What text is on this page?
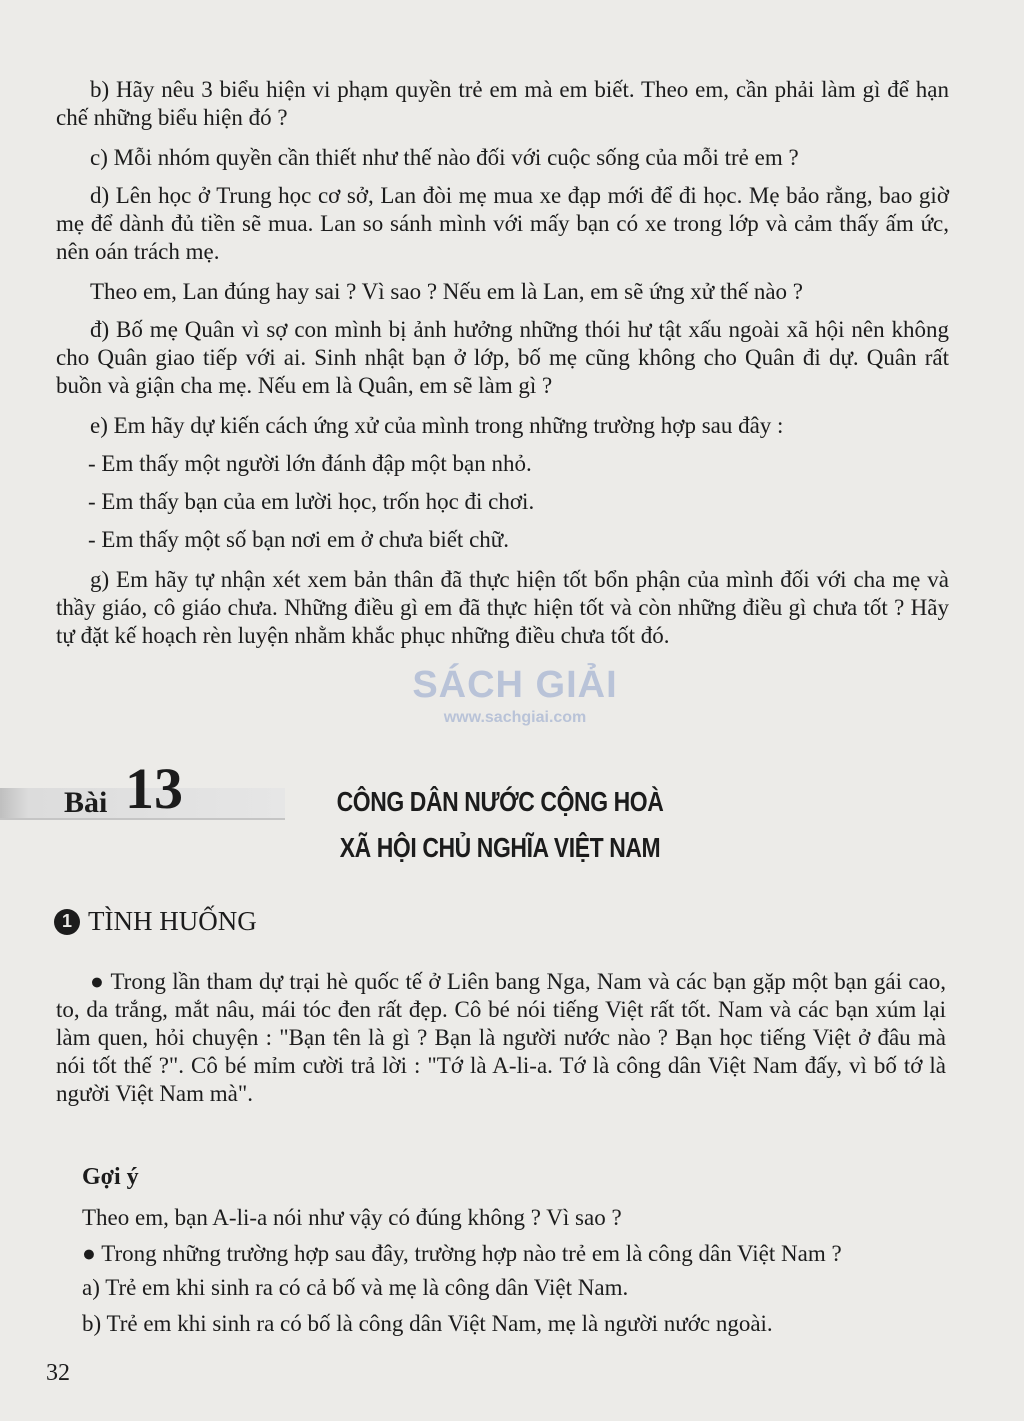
b) Hãy nêu 3 biểu hiện vi phạm quyền trẻ em mà em biết. Theo em, cần phải làm gì để hạn chế những biểu hiện đó ?

c) Mỗi nhóm quyền cần thiết như thế nào đối với cuộc sống của mỗi trẻ em ?

d) Lên học ở Trung học cơ sở, Lan đòi mẹ mua xe đạp mới để đi học. Mẹ bảo rằng, bao giờ mẹ để dành đủ tiền sẽ mua. Lan so sánh mình với mấy bạn có xe trong lớp và cảm thấy ấm ức, nên oán trách mẹ.

Theo em, Lan đúng hay sai ? Vì sao ? Nếu em là Lan, em sẽ ứng xử thế nào ?

đ) Bố mẹ Quân vì sợ con mình bị ảnh hưởng những thói hư tật xấu ngoài xã hội nên không cho Quân giao tiếp với ai. Sinh nhật bạn ở lớp, bố mẹ cũng không cho Quân đi dự. Quân rất buồn và giận cha mẹ. Nếu em là Quân, em sẽ làm gì ?

e) Em hãy dự kiến cách ứng xử của mình trong những trường hợp sau đây :

- Em thấy một người lớn đánh đập một bạn nhỏ.

- Em thấy bạn của em lười học, trốn học đi chơi.

- Em thấy một số bạn nơi em ở chưa biết chữ.

g) Em hãy tự nhận xét xem bản thân đã thực hiện tốt bổn phận của mình đối với cha mẹ và thầy giáo, cô giáo chưa. Những điều gì em đã thực hiện tốt và còn những điều gì chưa tốt ? Hãy tự đặt kế hoạch rèn luyện nhằm khắc phục những điều chưa tốt đó.

SÁCH GIẢI
www.sachgiai.com
Bài 13	CÔNG DÂN NƯỚC CỘNG HOÀ
XÃ HỘI CHỦ NGHĨA VIỆT NAM
1 TÌNH HUỐNG

● Trong lần tham dự trại hè quốc tế ở Liên bang Nga, Nam và các bạn gặp một bạn gái cao, to, da trắng, mắt nâu, mái tóc đen rất đẹp. Cô bé nói tiếng Việt rất tốt. Nam và các bạn xúm lại làm quen, hỏi chuyện : "Bạn tên là gì ? Bạn là người nước nào ? Bạn học tiếng Việt ở đâu mà nói tốt thế ?". Cô bé mỉm cười trả lời : "Tớ là A-li-a. Tớ là công dân Việt Nam đấy, vì bố tớ là người Việt Nam mà".

Gợi ý

Theo em, bạn A-li-a nói như vậy có đúng không ? Vì sao ?

● Trong những trường hợp sau đây, trường hợp nào trẻ em là công dân Việt Nam ?

a) Trẻ em khi sinh ra có cả bố và mẹ là công dân Việt Nam.

b) Trẻ em khi sinh ra có bố là công dân Việt Nam, mẹ là người nước ngoài.

32
